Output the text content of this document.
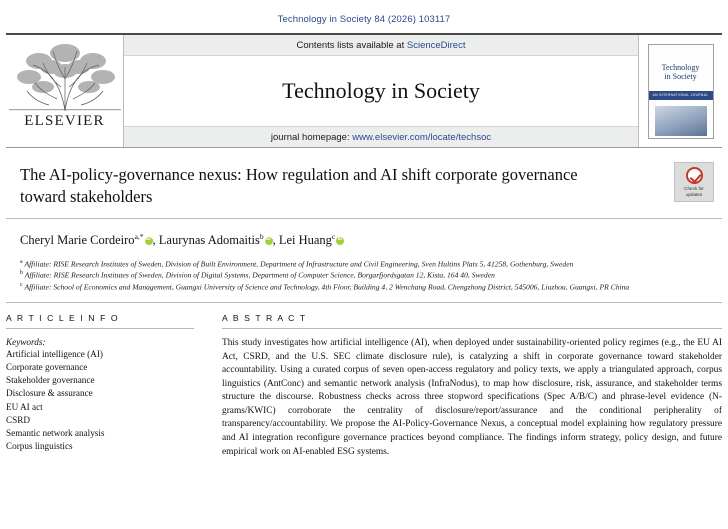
Technology in Society 84 (2026) 103117
ELSEVIER
Contents lists available at ScienceDirect
Technology in Society
journal homepage: www.elsevier.com/locate/techsoc
Technology
in Society
AN INTERNATIONAL JOURNAL
The AI-policy-governance nexus: How regulation and AI shift corporate governance toward stakeholders	Check for
updates
Cheryl Marie Cordeiro$^{a,*}$ iD , Laurynas Adomaitis$^b$ iD , Lei Huang$^c$iD
$^a$ Affiliate: RISE Research Institutes of Sweden, Division of Built Environment, Department of Infrastructure and Civil Engineering, Sven Hultins Plats 5, 41258, Gothenburg, Sweden
$^b$ Affiliate: RISE Research Institutes of Sweden, Division of Digital Systems, Department of Computer Science, Borgarfjordsgatan 12, Kista, 164 40, Sweden
$^c$ Affiliate: School of Economics and Management, Guangxi University of Science and Technology, 4th Floor, Building 4, 2 Wenchang Road, Chengzhong District, 545006, Liuzhou, Guangxi, PR China
A R T I C L E I N F O
Keywords:
Artificial intelligence (AI)
Corporate governance
Stakeholder governance
Disclosure & assurance
EU AI act
CSRD
Semantic network analysis
Corpus linguistics
A B S T R A C T
This study investigates how artificial intelligence (AI), when deployed under sustainability-oriented policy regimes (e.g., the EU AI Act, CSRD, and the U.S. SEC climate disclosure rule), is catalyzing a shift in corporate governance toward stakeholder accountability. Using a curated corpus of seven open-access regulatory and policy texts, we apply a triangulated approach, corpus linguistics (AntConc) and semantic network analysis (InfraNodus), to map how disclosure, risk, assurance, and stakeholder terms structure the discourse. Robustness checks across three stopword specifications (Spec A/B/C) and phrase-level evidence (N-grams/KWIC) corroborate the centrality of disclosure/report/assurance and the conditional peripherality of transparency/accountability. We propose the AI-Policy-Governance Nexus, a conceptual model explaining how regulatory pressure and AI integration reconfigure governance practices beyond compliance. The findings inform strategy, policy design, and future empirical work on AI-enabled ESG systems.
